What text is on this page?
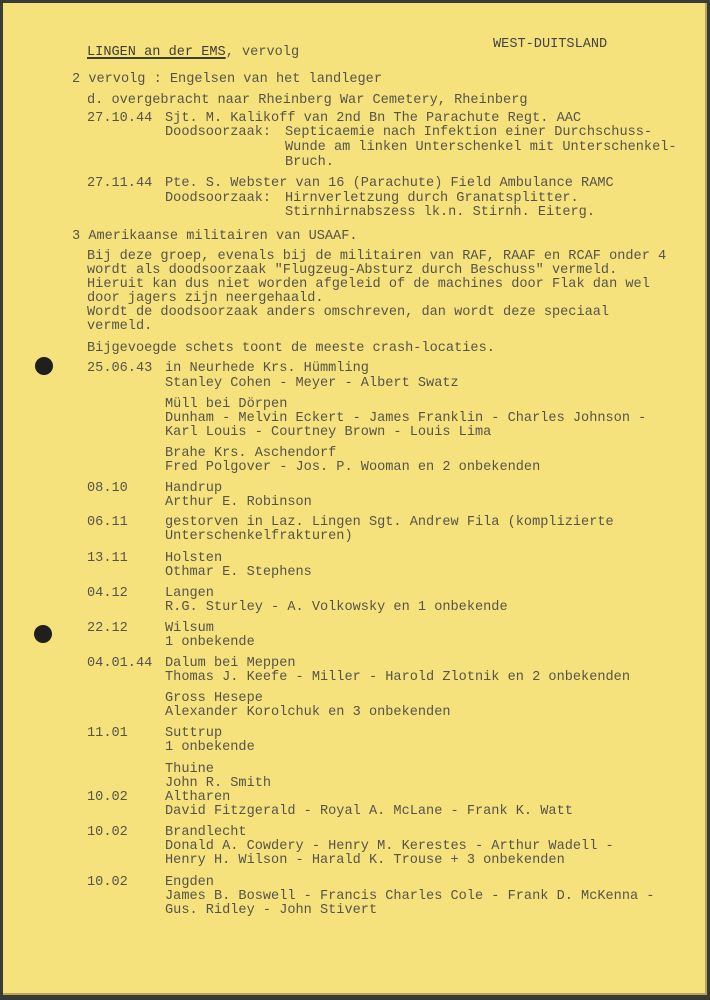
LINGEN an der EMS, vervolg
WEST-DUITSLAND
2 vervolg : Engelsen van het landleger
d. overgebracht naar Rheinberg War Cemetery, Rheinberg
27.10.44 Sjt. M. Kalikoff van 2nd Bn The Parachute Regt. AAC
Doodsoorzaak: Septicaemie nach Infektion einer Durchschuss-
Wunde am linken Unterschenkel mit Unterschenkel-
Bruch.
27.11.44 Pte. S. Webster van 16 (Parachute) Field Ambulance RAMC
Doodsoorzaak: Hirnverletzung durch Granatsplitter.
Stirnhirnabszess lk.n. Stirnh. Eiterg.
3 Amerikaanse militairen van USAAF.
Bij deze groep, evenals bij de militairen van RAF, RAAF en RCAF onder 4
wordt als doodsoorzaak "Flugzeug-Absturz durch Beschuss" vermeld.
Hieruit kan dus niet worden afgeleid of de machines door Flak dan wel
door jagers zijn neergehaald.
Wordt de doodsoorzaak anders omschreven, dan wordt deze speciaal
vermeld.
Bijgevoegde schets toont de meeste crash-locaties.
25.06.43 in Neurhede Krs. Hümmling
Stanley Cohen - Meyer - Albert Swatz
Müll bei Dörpen
Dunham - Melvin Eckert - James Franklin - Charles Johnson -
Karl Louis - Courtney Brown - Louis Lima
Brahe Krs. Aschendorf
Fred Polgover - Jos. P. Wooman en 2 onbekenden
08.10	Handrup
Arthur E. Robinson
06.11	gestorven in Laz. Lingen Sgt. Andrew Fila (komplizierte
Unterschenkelfrakturen)
13.11	Holsten
Othmar E. Stephens
04.12	Langen
R.G. Sturley - A. Volkowsky en 1 onbekende
22.12	Wilsum
1 onbekende
04.01.44 Dalum bei Meppen
Thomas J. Keefe - Miller - Harold Zlotnik en 2 onbekenden
Gross Hesepe
Alexander Korolchuk en 3 onbekenden
11.01	Suttrup
1 onbekende
Thuine
John R. Smith
10.02	Altharen
David Fitzgerald - Royal A. McLane - Frank K. Watt
10.02	Brandlecht
Donald A. Cowdery - Henry M. Kerestes - Arthur Wadell -
Henry H. Wilson - Harald K. Trouse + 3 onbekenden
10.02	Engden
James B. Boswell - Francis Charles Cole - Frank D. McKenna -
Gus. Ridley - John Stivert
